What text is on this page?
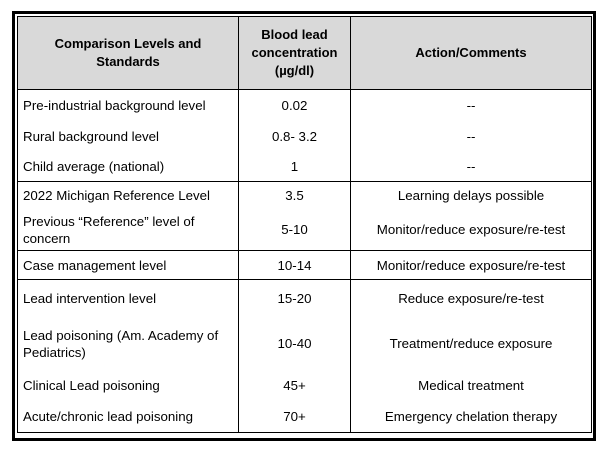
Comparison Levels and Standards	Blood lead concentration (µg/dl)	Action/Comments
Pre-industrial background level	0.02	--
Rural background level	0.8- 3.2	--
Child average (national)	1	--
2022 Michigan Reference Level	3.5	Learning delays possible
Previous “Reference” level of concern	5-10	Monitor/reduce exposure/re-test
Case management level	10-14	Monitor/reduce exposure/re-test
Lead intervention level	15-20	Reduce exposure/re-test
Lead poisoning (Am. Academy of Pediatrics)	10-40	Treatment/reduce exposure
Clinical Lead poisoning	45+	Medical treatment
Acute/chronic lead poisoning	70+	Emergency chelation therapy
